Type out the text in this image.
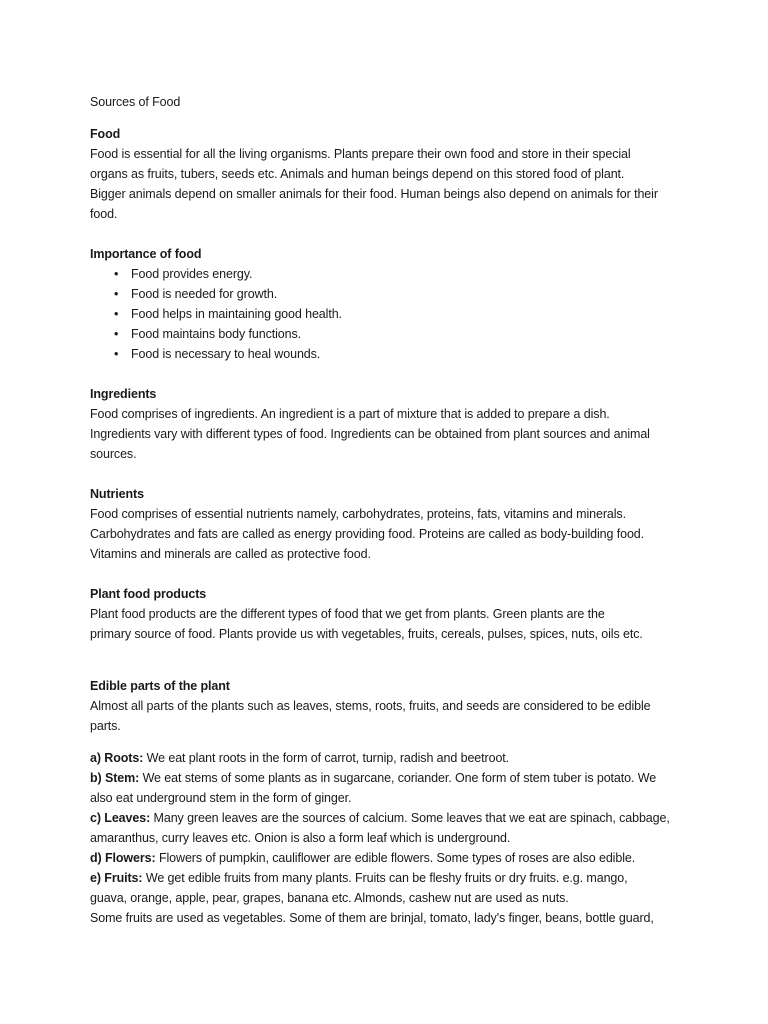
Sources of Food

Food

Food is essential for all the living organisms. Plants prepare their own food and store in their special

organs as fruits, tubers, seeds etc. Animals and human beings depend on this stored food of plant.

Bigger animals depend on smaller animals for their food. Human beings also depend on animals for their

food.

Importance of food

• Food provides energy.
• Food is needed for growth.
• Food helps in maintaining good health.
• Food maintains body functions.
• Food is necessary to heal wounds.

Ingredients

Food comprises of ingredients. An ingredient is a part of mixture that is added to prepare a dish.

Ingredients vary with different types of food. Ingredients can be obtained from plant sources and animal

sources.

Nutrients

Food comprises of essential nutrients namely, carbohydrates, proteins, fats, vitamins and minerals.

Carbohydrates and fats are called as energy providing food. Proteins are called as body-building food.

Vitamins and minerals are called as protective food.

Plant food products

Plant food products are the different types of food that we get from plants. Green plants are the

primary source of food. Plants provide us with vegetables, fruits, cereals, pulses, spices, nuts, oils etc.

Edible parts of the plant

Almost all parts of the plants such as leaves, stems, roots, fruits, and seeds are considered to be edible

parts.

a) Roots: We eat plant roots in the form of carrot, turnip, radish and beetroot.

b) Stem: We eat stems of some plants as in sugarcane, coriander. One form of stem tuber is potato. We

also eat underground stem in the form of ginger.

c) Leaves: Many green leaves are the sources of calcium. Some leaves that we eat are spinach, cabbage,

amaranthus, curry leaves etc. Onion is also a form leaf which is underground.

d) Flowers: Flowers of pumpkin, cauliflower are edible flowers. Some types of roses are also edible.

e) Fruits: We get edible fruits from many plants. Fruits can be fleshy fruits or dry fruits. e.g. mango,

guava, orange, apple, pear, grapes, banana etc. Almonds, cashew nut are used as nuts.

Some fruits are used as vegetables. Some of them are brinjal, tomato, lady's finger, beans, bottle guard,
